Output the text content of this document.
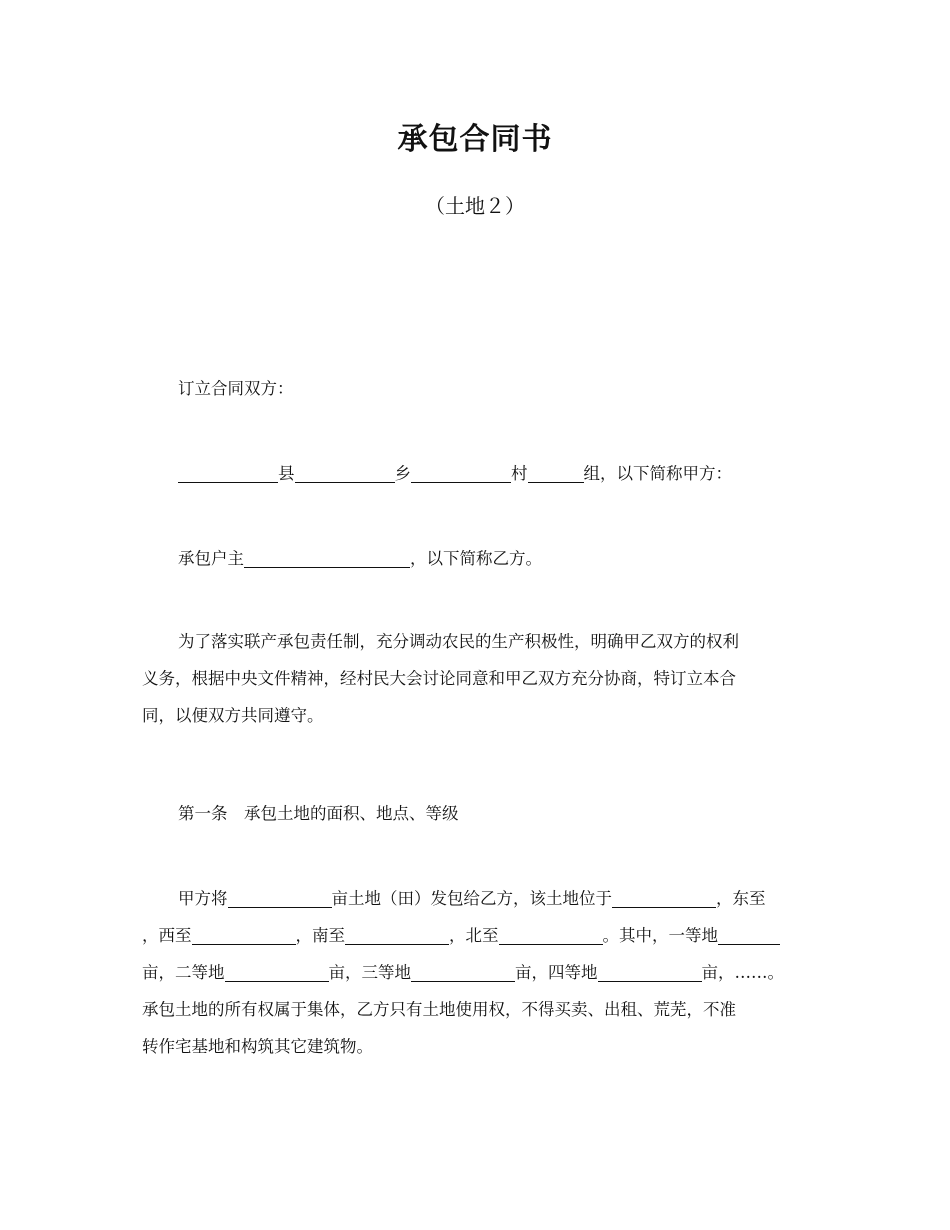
承包合同书
（土地２）
订立合同双方：
县	乡	村	组，以下简称甲方：
承包户主	，以下简称乙方。
为了落实联产承包责任制，充分调动农民的生产积极性，明确甲乙双方的权利
义务，根据中央文件精神，经村民大会讨论同意和甲乙双方充分协商，特订立本合
同，以便双方共同遵守。
第一条　承包土地的面积、地点、等级
甲方将	亩土地（田）发包给乙方，该土地位于	，东至
，西至	，南至	，北至	。其中，一等地
亩，二等地	亩，三等地	亩，四等地	亩，……。
承包土地的所有权属于集体，乙方只有土地使用权，不得买卖、出租、荒芜，不准
转作宅基地和构筑其它建筑物。
